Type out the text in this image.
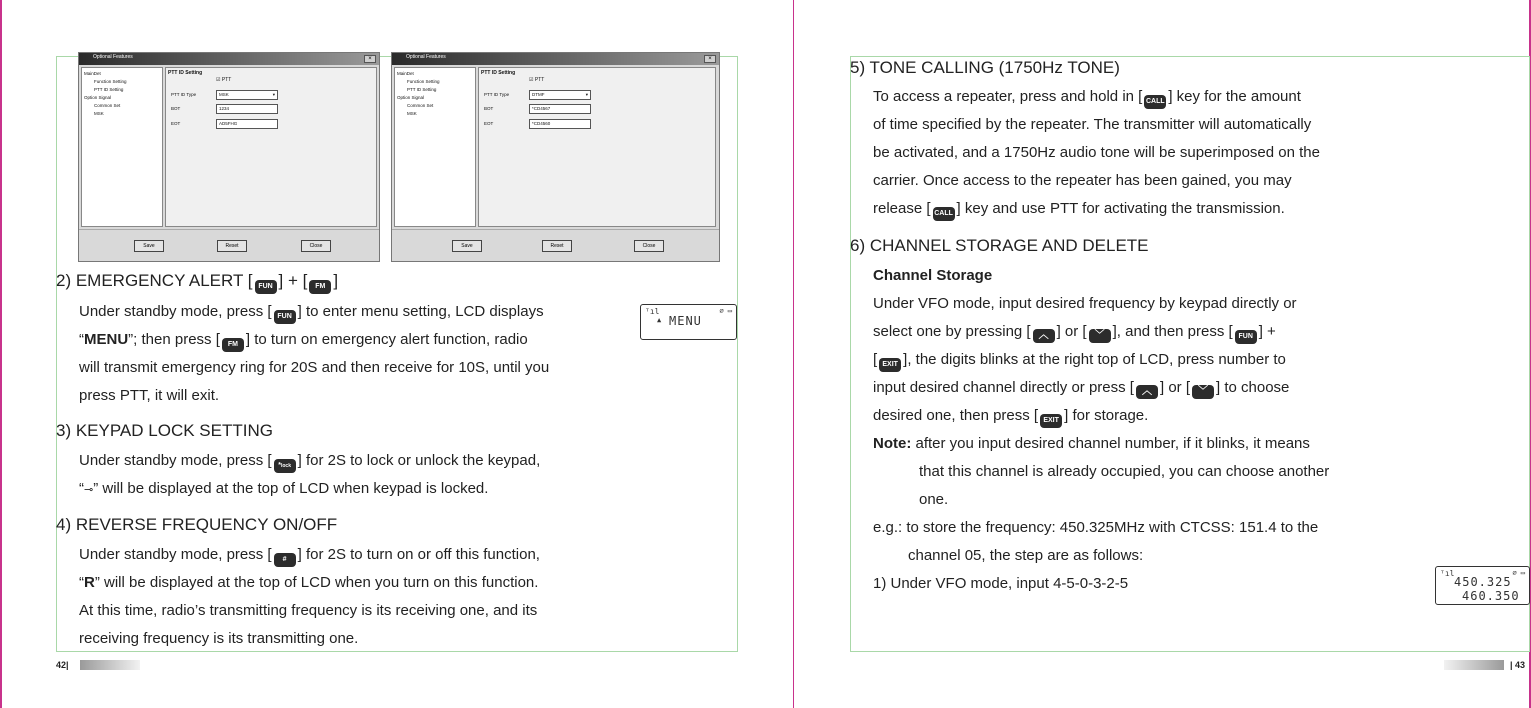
Optional Features	×
MainDet
Function Setting
PTT ID Setting
Option Signal
Common Set
MSK
PTT ID Setting
☑ PTT
PTT ID Type	MSK	▾
BOT	1234
EOT	AD5FHG
Save	Reset	Close
Optional Features	×
MainDet
Function Setting
PTT ID Setting
Option Signal
Common Set
MSK
PTT ID Setting
☑ PTT
PTT ID Type	DTMF	▾
BOT	*CD4567
EOT	*CD4560
Save	Reset	Close
2) EMERGENCY ALERT [ FUN ] + [ FM ]
Under standby mode, press [ FUN ] to enter menu setting, LCD displays
“MENU”; then press [ FM ] to turn on emergency alert function, radio
will transmit emergency ring for 20S and then receive for 10S, until you
press PTT, it will exit.
ᵀıl
▲
⌀ ▭
MENU
3) KEYPAD LOCK SETTING
Under standby mode, press [ *lock ] for 2S to lock or unlock the keypad,
“⊸” will be displayed at the top of LCD when keypad is locked.
4) REVERSE FREQUENCY ON/OFF
Under standby mode, press [ # ] for 2S to turn on or off this function,
“R” will be displayed at the top of LCD when you turn on this function.
At this time, radio’s transmitting frequency is its receiving one, and its
receiving frequency is its transmitting one.
5) TONE CALLING (1750Hz TONE)
To access a repeater, press and hold in [ CALL ] key for the amount
of time specified by the repeater. The transmitter will automatically
be activated, and a 1750Hz audio tone will be superimposed on the
carrier. Once access to the repeater has been gained, you may
release [ CALL ] key and use PTT for activating the transmission.
6) CHANNEL STORAGE AND DELETE
Channel Storage
Under VFO mode, input desired frequency by keypad directly or
select one by pressing [ ︿ ] or [ ﹀ ], and then press [ FUN ] +
[ EXIT ], the digits blinks at the right top of LCD, press number to
input desired channel directly or press [ ︿ ] or [ ﹀ ] to choose
desired one, then press [ EXIT ] for storage.
Note: after you input desired channel number, if it blinks, it means
that this channel is already occupied, you can choose another
one.
e.g.: to store the frequency: 450.325MHz with CTCSS: 151.4 to the
channel 05, the step are as follows:
1) Under VFO mode, input 4-5-0-3-2-5
ᵀıl	⌀ ▭
450.325
460.350
42|	| 43
